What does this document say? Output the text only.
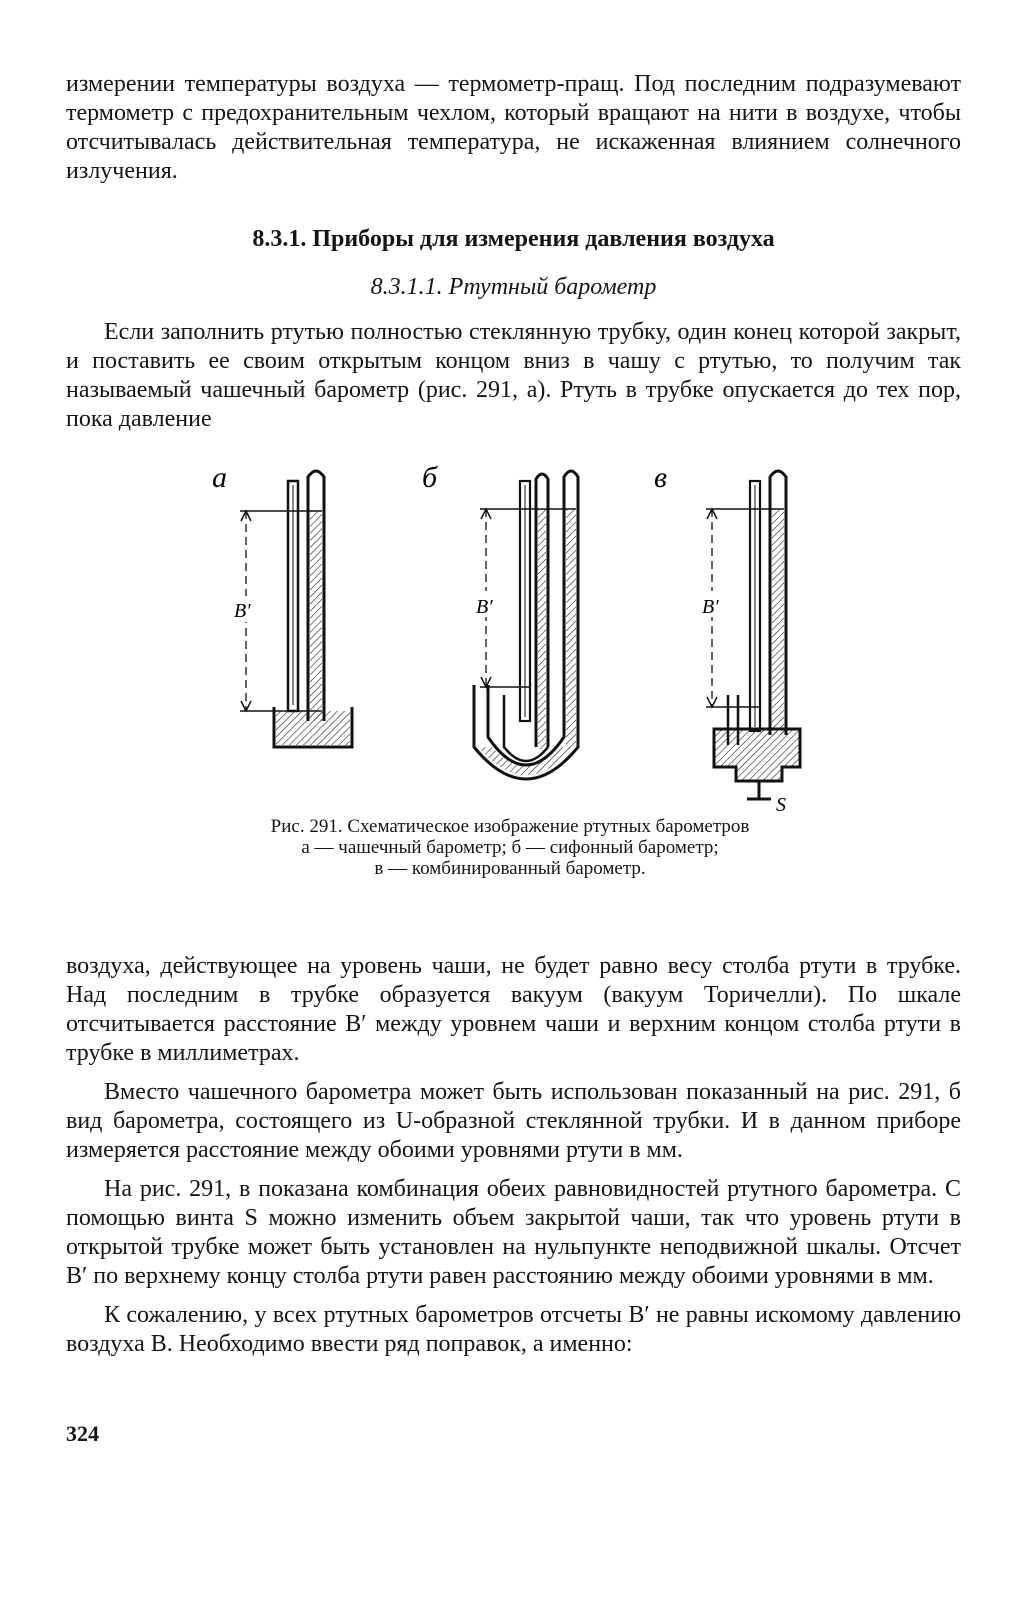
измерении температуры воздуха — термометр-пращ. Под последним подразумевают термометр с предохранительным чехлом, который вращают на нити в воздухе, чтобы отсчитывалась действительная температура, не искаженная влиянием солнечного излучения.

8.3.1. Приборы для измерения давления воздуха
8.3.1.1. Ртутный барометр

Если заполнить ртутью полностью стеклянную трубку, один конец которой закрыт, и поставить ее своим открытым концом вниз в чашу с ртутью, то получим так называемый чашечный барометр (рис. 291, а). Ртуть в трубке опускается до тех пор, пока давление

а
B′
б
B′
в
S
B′
Рис. 291. Схематическое изображение ртутных барометров
а — чашечный барометр; б — сифонный барометр;
в — комбинированный барометр.

воздуха, действующее на уровень чаши, не будет равно весу столба ртути в трубке. Над последним в трубке образуется вакуум (вакуум Торичелли). По шкале отсчитывается расстояние B′ между уровнем чаши и верхним концом столба ртути в трубке в миллиметрах.

Вместо чашечного барометра может быть использован показанный на рис. 291, б вид барометра, состоящего из U-образной стеклянной трубки. И в данном приборе измеряется расстояние между обоими уровнями ртути в мм.

На рис. 291, в показана комбинация обеих равновидностей ртутного барометра. С помощью винта S можно изменить объем закрытой чаши, так что уровень ртути в открытой трубке может быть установлен на нульпункте неподвижной шкалы. Отсчет B′ по верхнему концу столба ртути равен расстоянию между обоими уровнями в мм.

К сожалению, у всех ртутных барометров отсчеты B′ не равны искомому давлению воздуха B. Необходимо ввести ряд поправок, а именно:

324
